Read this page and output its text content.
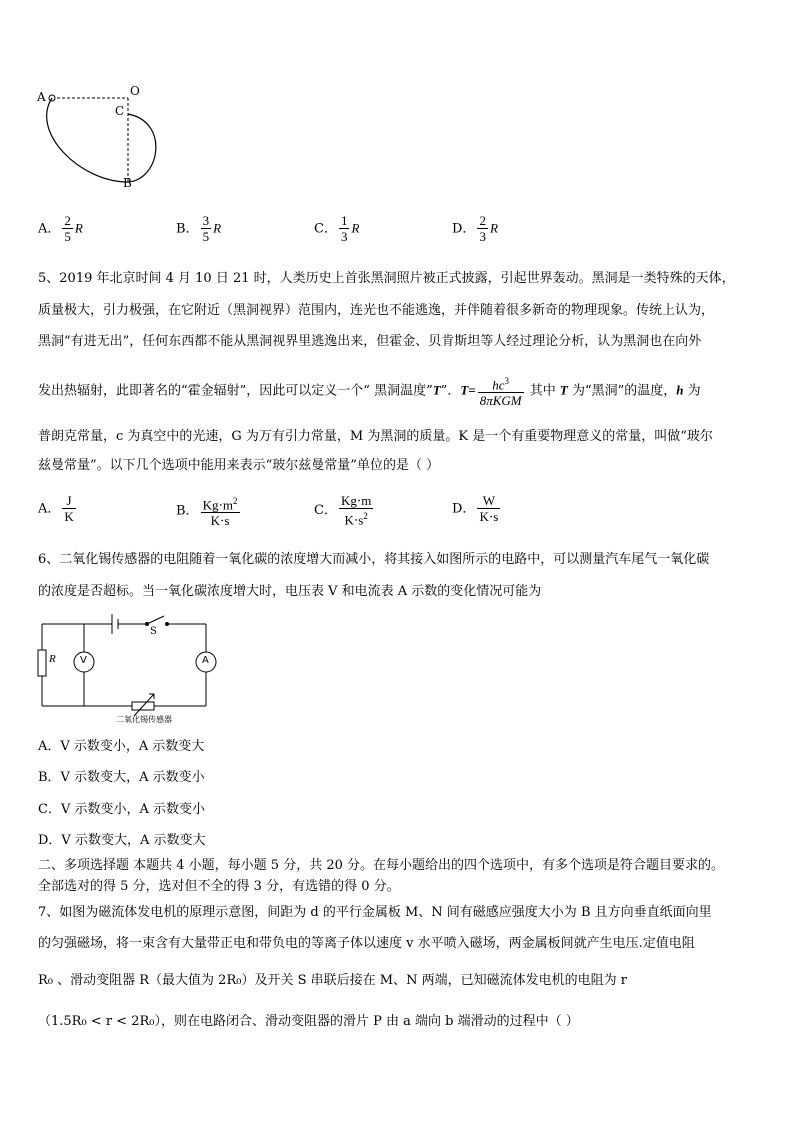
A	O
C
B
A． $\frac{2}{5}$ R	B． $\frac{3}{5}$ R	C． $\frac{1}{3}$ R	D． $\frac{2}{3}$ R
5、2019 年北京时间 4 月 10 日 21 时，人类历史上首张黑洞照片被正式披露，引起世界轰动。黑洞是一类特殊的天体，
质量极大，引力极强，在它附近（黑洞视界）范围内，连光也不能逃逸，并伴随着很多新奇的物理现象。传统上认为，
黑洞“有进无出”，任何东西都不能从黑洞视界里逃逸出来，但霍金、贝肯斯坦等人经过理论分析，认为黑洞也在向外
发出热辐射，此即著名的“霍金辐射”，因此可以定义一个“ 黑洞温度”T”．$T= \frac{hc^3}{\text{8πKGM}}$ 其中 T 为“黑洞”的温度，h 为
普朗克常量，c 为真空中的光速，G 为万有引力常量，M 为黑洞的质量。K 是一个有重要物理意义的常量，叫做“玻尔
兹曼常量”。以下几个选项中能用来表示“玻尔兹曼常量”单位的是（ ）
A． $\frac{J}{K}$	B． $\frac{Kg\cdot m^2}{K\cdot s}$	C． $\frac{Kg\cdot m}{K\cdot s^2}$	D． $\frac{W}{K\cdot s}$
6、二氧化锡传感器的电阻随着一氧化碳的浓度增大而减小，将其接入如图所示的电路中，可以测量汽车尾气一氧化碳
的浓度是否超标。当一氧化碳浓度增大时，电压表 V 和电流表 A 示数的变化情况可能为
R V	A
S
二氧化锡传感器
A．V 示数变小，A 示数变大
B．V 示数变大，A 示数变小
C．V 示数变小，A 示数变小
D．V 示数变大，A 示数变大
二、多项选择题 本题共 4 小题，每小题 5 分，共 20 分。在每小题给出的四个选项中，有多个选项是符合题目要求的。
全部选对的得 5 分，选对但不全的得 3 分，有选错的得 0 分。
7、如图为磁流体发电机的原理示意图，间距为 d 的平行金属板 M、N 间有磁感应强度大小为 B 且方向垂直纸面向里
的匀强磁场，将一束含有大量带正电和带负电的等离子体以速度 v 水平喷入磁场，两金属板间就产生电压.定值电阻
R₀ 、滑动变阻器 R（最大值为 2R₀）及开关 S 串联后接在 M、N 两端，已知磁流体发电机的电阻为 r
（1.5R₀ < r < 2R₀），则在电路闭合、滑动变阻器的滑片 P 由 a 端向 b 端滑动的过程中（ ）
